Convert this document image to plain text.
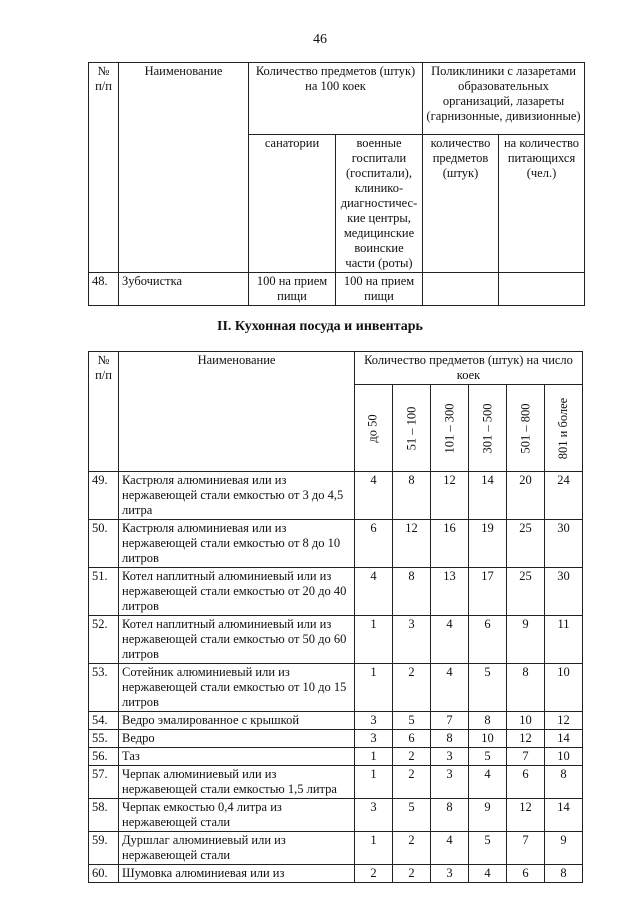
46
№ п/п	Наименование	Количество предметов (штук) на 100 коек		Поликлиники с лазаретами образовательных организаций, лазареты (гарнизонные, дивизионные)	
		санатории	военные госпитали (госпитали), клинико-диагностичес-кие центры, медицинские воинские части (роты)	количество предметов (штук)	на количество питающихся (чел.)
48.	Зубочистка	100 на прием пищи	100 на прием пищи		
II. Кухонная посуда и инвентарь
№ п/п	Наименование	Количество предметов (штук) на число коек					

		до 50	51 – 100	101 – 300	301 – 500	501 – 800	801 и более

49.	Кастрюля алюминиевая или из нержавеющей стали емкостью от 3 до 4,5 литра	4	8	12	14	20	24
50.	Кастрюля алюминиевая или из нержавеющей стали емкостью от 8 до 10 литров	6	12	16	19	25	30
51.	Котел наплитный алюминиевый или из нержавеющей стали емкостью от 20 до 40 литров	4	8	13	17	25	30
52.	Котел наплитный алюминиевый или из нержавеющей стали емкостью от 50 до 60 литров	1	3	4	6	9	11
53.	Сотейник алюминиевый или из нержавеющей стали емкостью от 10 до 15 литров	1	2	4	5	8	10
54.	Ведро эмалированное с крышкой	3	5	7	8	10	12
55.	Ведро	3	6	8	10	12	14
56.	Таз	1	2	3	5	7	10
57.	Черпак алюминиевый или из нержавеющей стали емкостью 1,5 литра	1	2	3	4	6	8
58.	Черпак емкостью 0,4 литра из нержавеющей стали	3	5	8	9	12	14
59.	Дуршлаг алюминиевый или из нержавеющей стали	1	2	4	5	7	9
60.	Шумовка алюминиевая или из	2	2	3	4	6	8
